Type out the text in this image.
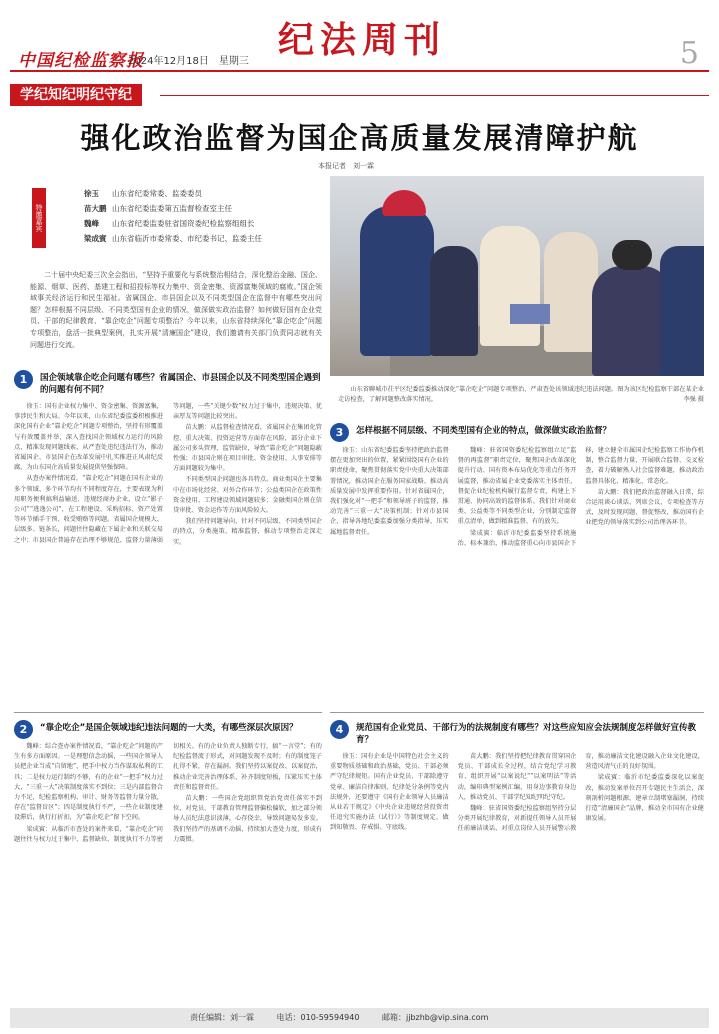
中国纪检监察报
2024年12月18日　星期三
纪法周刊	5
学纪知纪明纪守纪
强化政治监督为国企高质量发展清障护航
本报记者　刘一霖
特邀嘉宾
徐玉 山东省纪委常委、监委委员
苗大鹏 山东省纪委监委第五监督检查室主任
魏峰 山东省纪委监委驻省国资委纪检监察组组长
梁成賓 山东省临沂市委常委、市纪委书记、监委主任
二十届中央纪委三次全会指出，“坚持予重要化与系统整治相结合，深化整治金融、国企、能源、烟草、医药、基建工程和招投标等权力集中、资金密集、资源富集领域的腐败。”国企领域事关经济运行和民生福祉。省属国企、市县国企以及不同类型国企在监督中有哪些突出问题？怎样根据不同层级、不同类型国有企业的情况，做深做实政治监督？如何做好国有企业党员、干部的纪律教育、“靠企吃企”问题专项整治？今年以来，山东省持续深化“靠企吃企”问题专项整治，盘活一批典型案例，扎实开展“清廉国企”建设，我们邀请有关部门负责同志就有关问题进行交流。
山东省聊城市茌平区纪委监委推动深化“靠企吃企”问题专项整治，严肃查处该领域违纪违法问题。图为该区纪检监察干部在某企业走访检查，了解问题整改落实情况。	李强 摄
1	国企领域靠企吃企问题有哪些？省属国企、市县国企以及不同类型国企遇到的问题有何不同？

徐玉：国有企业权力集中、资金密集、资源富集，事涉民生和大局。今年以来，山东省纪委监委积极推进深化国有企业“靠企吃企”问题专项整治，坚持有形覆盖与有效覆盖并举，深入查找国企领域权力运行的风险点，精准发现问题线索，从严查处违纪违法行为，推动省属国企、市县国企在改革发展中扎实推进正风肃纪反腐，为山东国企高质量发展提供坚强保障。

从查办案件情况看，“靠企吃企”问题在国有企业的多个领域、多个环节均有不同程度存在，主要表现为利用职务便利搞利益输送、违规经商办企业、设立“影子公司”“逃逸公司”，在工程建设、采购招标、资产处置等环节插手干预、收受贿赂等问题。省属国企规模大、层级多、链条长，问题往往隐藏在下属企业和关联交易之中；市县国企普遍存在治理不够规范、监督力量薄弱等问题，一些“关键少数”权力过于集中，违规决策、优亲厚友等问题比较突出。

苗大鹏：从监督检查情况看，省属国企在集团化管控、重大决策、投资运营等方面存在风险，部分企业下属公司多头管理、监管缺位，导致“靠企吃企”问题隐蔽性强；市县国企则在项目审批、资金使用、人事安排等方面问题较为集中。

不同类型国企问题也各具特点。商业类国企主要集中在市场化经营、对外合作环节；公益类国企在政策性资金使用、工程建设领域问题较多；金融类国企则在信贷审批、资金运作等方面风险较大。

我们坚持问题导向，针对不同层级、不同类型国企的特点，分类施策、精准监督，推动专项整治走深走实。

2	“靠企吃企”是国企领域违纪违法问题的一大类，有哪些深层次原因？

魏峰：综合查办案件情况看，“靠企吃企”问题的产生有多方面原因。一是理想信念动摇，一些国企领导人员把企业当成“自留地”，把手中权力当作谋取私利的工具；二是权力运行制约不够，有的企业“一把手”权力过大，“三重一大”决策制度落实不到位；三是内部监督合力不足，纪检监察机构、审计、财务等监督力量分散，存在“监督盲区”；四是制度执行不严，一些企业制度建设滞后，执行打折扣，为“靠企吃企”留下空间。

梁成賓：从临沂市查处的案件来看，“靠企吃企”问题往往与权力过于集中、监督缺位、制度执行不力等密切相关。有的企业负责人独断专行，搞“一言堂”；有的纪检监督流于形式，对问题发现不及时；有的制度笼子扎得不紧，存在漏洞。我们坚持以案促改、以案促治，推动企业完善治理体系，补齐制度短板，压紧压实主体责任和监督责任。

苗大鹏：一些国企党组织管党治党责任落实不到位，对党员、干部教育管理监督偏松偏软，加之部分领导人员纪法意识淡薄，心存侥幸，导致问题易发多发。我们坚持严的基调不动摇，持续加大查处力度，形成有力震慑。

3	怎样根据不同层级、不同类型国有企业的特点，做深做实政治监督？

徐玉：山东省纪委监委坚持把政治监督摆在更加突出的位置，紧紧围绕国有企业的职责使命，聚焦贯彻落实党中央重大决策部署情况，推动国企在服务国家战略、推动高质量发展中发挥重要作用。针对省属国企，我们强化对“一把手”和领导班子的监督，推动完善“三重一大”决策机制；针对市县国企，指导各地纪委监委加强分类指导，压实属地监督责任。

魏峰：驻省国资委纪检监察组立足“监督的再监督”职责定位，聚焦国企改革深化提升行动、国有资本布局优化等重点任务开展监督，推动省属企业党委落实主体责任，督促企业纪检机构履行监督专责，构建上下贯通、协同高效的监督体系。我们针对商业类、公益类等不同类型企业，分别制定监督重点清单，做到精准监督、有的放矢。

梁成賓：临沂市纪委监委坚持系统施治、标本兼治，推动监督重心向市县国企下移，建立健全市属国企纪检监察工作协作机制，整合监督力量，开展联合监督、交叉检查，着力破解熟人社会监督难题，推动政治监督具体化、精准化、常态化。

苗大鹏：我们把政治监督融入日常，综合运用谈心谈话、列席会议、专项检查等方式，及时发现问题、督促整改，推动国有企业把党的领导落实到公司治理各环节。

4	规范国有企业党员、干部行为的法规制度有哪些？对这些应知应会法规制度怎样做好宣传教育？

徐玉：国有企业是中国特色社会主义的重要物质基础和政治基础，党员、干部必须严守纪律规矩。国有企业党员、干部除遵守党章、廉洁自律准则、纪律处分条例等党内法规外，还要遵守《国有企业领导人员廉洁从业若干规定》《中央企业违规经营投资责任追究实施办法（试行）》等制度规定，做到知敬畏、存戒惧、守底线。

苗大鹏：我们坚持把纪律教育贯穿国企党员、干部成长全过程，结合党纪学习教育，组织开展“以案说纪”“以案明法”等活动，编印典型案例汇编，用身边事教育身边人，推动党员、干部学纪知纪明纪守纪。

魏峰：驻省国资委纪检监察组坚持分层分类开展纪律教育，对新提任领导人员开展任前廉洁谈话，对重点岗位人员开展警示教育，推动廉洁文化建设融入企业文化建设，营造风清气正的良好氛围。

梁成賓：临沂市纪委监委深化以案促改，推动发案单位召开专题民主生活会，深刻剖析问题根源，建章立制堵塞漏洞，持续打造“清廉国企”品牌，推动全市国有企业健康发展。

责任编辑：刘一霖	电话：010-59594940	邮箱：jjbzhb@vip.sina.com
